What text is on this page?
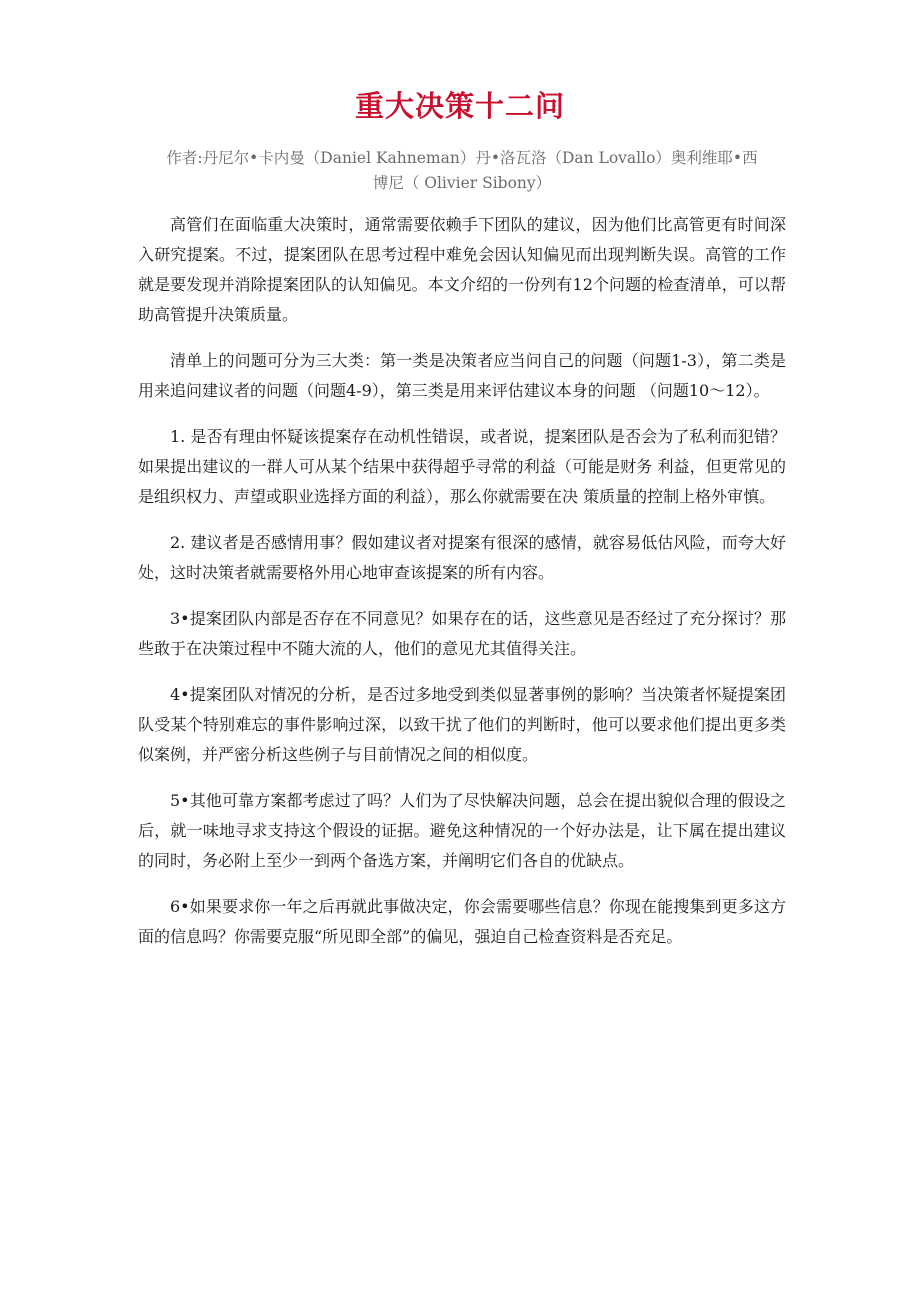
重大决策十二问
作者:丹尼尔•卡内曼（Daniel Kahneman）丹•洛瓦洛（Dan Lovallo）奥利维耶•西
博尼（ Olivier Sibony）

高管们在面临重大决策时，通常需要依赖手下团队的建议，因为他们比高管更有时间深入研究提案。不过，提案团队在思考过程中难免会因认知偏见而出现判断失误。高管的工作就是要发现并消除提案团队的认知偏见。本文介绍的一份列有12个问题的检查清单，可以帮助高管提升决策质量。

清单上的问题可分为三大类：第一类是决策者应当问自己的问题（问题1-3），第二类是用来追问建议者的问题（问题4-9），第三类是用来评估建议本身的问题 （问题10～12）。

1. 是否有理由怀疑该提案存在动机性错误，或者说，提案团队是否会为了私利而犯错？如果提出建议的一群人可从某个结果中获得超乎寻常的利益（可能是财务 利益，但更常见的是组织权力、声望或职业选择方面的利益），那么你就需要在决 策质量的控制上格外审慎。

2. 建议者是否感情用事？假如建议者对提案有很深的感情，就容易低估风险，而夸大好处，这时决策者就需要格外用心地审查该提案的所有内容。

3•提案团队内部是否存在不同意见？如果存在的话，这些意见是否经过了充分探讨？那些敢于在决策过程中不随大流的人，他们的意见尤其值得关注。

4•提案团队对情况的分析，是否过多地受到类似显著事例的影响？当决策者怀疑提案团队受某个特别难忘的事件影响过深，以致干扰了他们的判断时，他可以要求他们提出更多类似案例，并严密分析这些例子与目前情况之间的相似度。

5•其他可靠方案都考虑过了吗？人们为了尽快解决问题，总会在提出貌似合理的假设之后，就一味地寻求支持这个假设的证据。避免这种情况的一个好办法是，让下属在提出建议的同时，务必附上至少一到两个备选方案，并阐明它们各自的优缺点。

6•如果要求你一年之后再就此事做决定，你会需要哪些信息？你现在能搜集到更多这方面的信息吗？你需要克服“所见即全部”的偏见，强迫自己检查资料是否充足。
